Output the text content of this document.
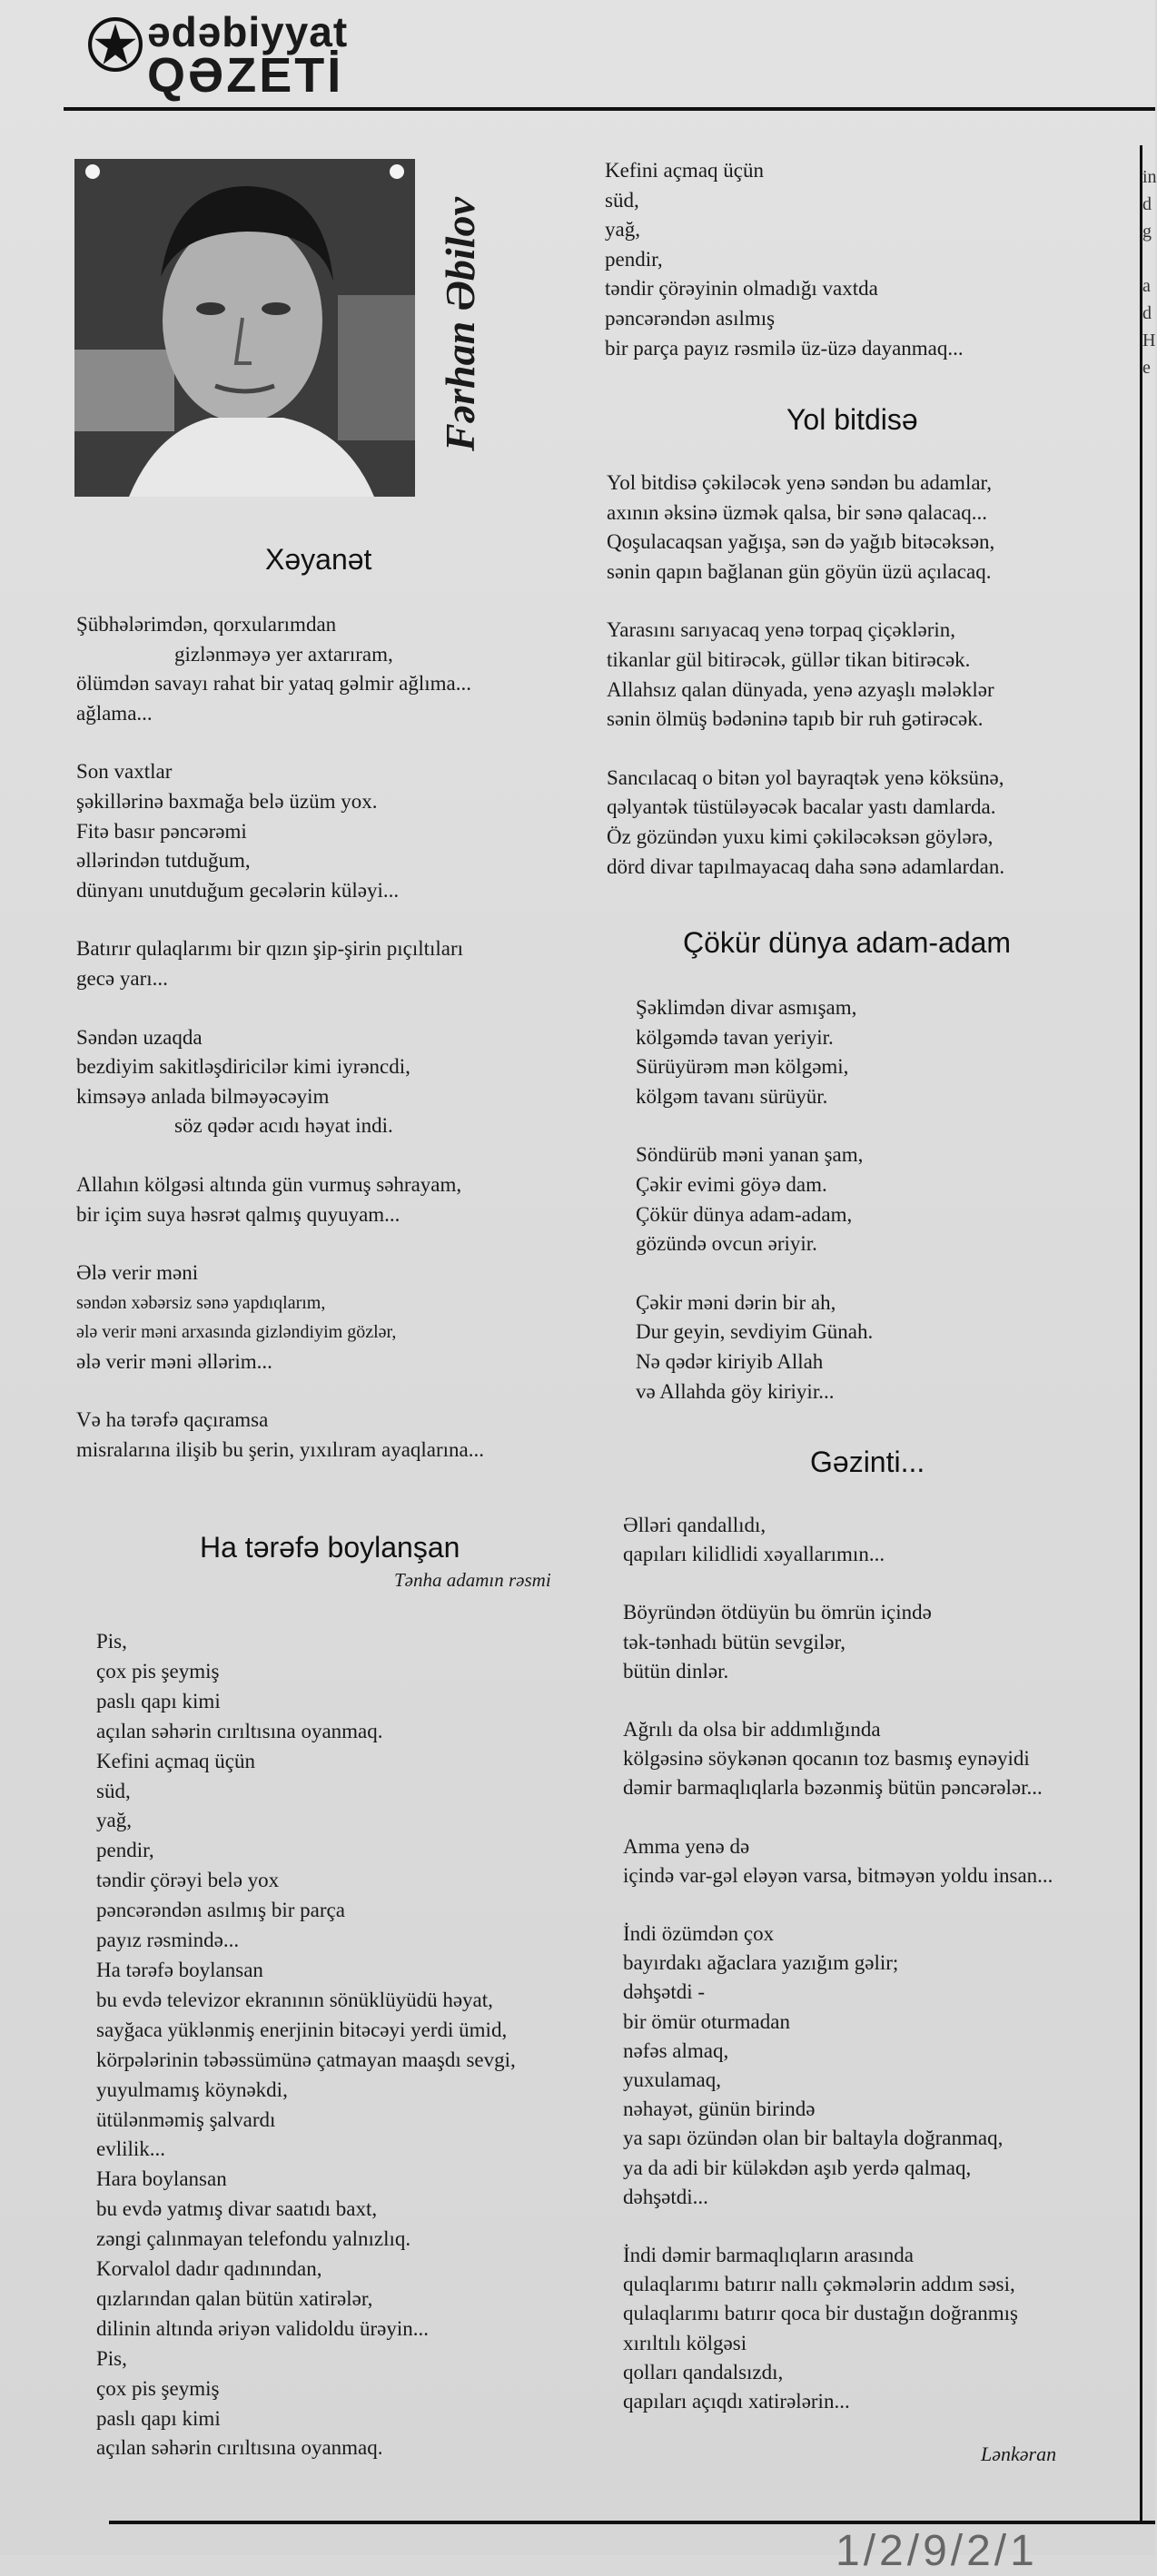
ədəbiyyat
QƏZETİ
in
d
g

a
d
H
e
Fərhan Əbilov
Xəyanət
Şübhələrimdən, qorxularımdan
gizlənməyə yer axtarıram,
ölümdən savayı rahat bir yataq gəlmir ağlıma...
ağlama...
Son vaxtlar
şəkillərinə baxmağa belə üzüm yox.
Fitə basır pəncərəmi
əllərindən tutduğum,
dünyanı unutduğum gecələrin küləyi...
Batırır qulaqlarımı bir qızın şip-şirin pıçıltıları
gecə yarı...
Səndən uzaqda
bezdiyim sakitləşdiricilər kimi iyrəncdi,
kimsəyə anlada bilməyəcəyim
söz qədər acıdı həyat indi.
Allahın kölgəsi altında gün vurmuş səhrayam,
bir içim suya həsrət qalmış quyuyam...
Ələ verir məni
səndən xəbərsiz sənə yapdıqlarım,
ələ verir məni arxasında gizləndiyim gözlər,
ələ verir məni əllərim...
Və ha tərəfə qaçıramsa
misralarına ilişib bu şerin, yıxılıram ayaqlarına...
Ha tərəfə boylanşan
Tənha adamın rəsmi
Pis,
çox pis şeymiş
paslı qapı kimi
açılan səhərin cırıltısına oyanmaq.
Kefini açmaq üçün
süd,
yağ,
pendir,
təndir çörəyi belə yox
pəncərəndən asılmış bir parça
payız rəsmində...
Ha tərəfə boylansan
bu evdə televizor ekranının sönüklüyüdü həyat,
sayğaca yüklənmiş enerjinin bitəcəyi yerdi ümid,
körpələrinin təbəssümünə çatmayan maaşdı sevgi,
yuyulmamış köynəkdi,
ütülənməmiş şalvardı
evlilik...
Hara boylansan
bu evdə yatmış divar saatıdı baxt,
zəngi çalınmayan telefondu yalnızlıq.
Korvalol dadır qadınından,
qızlarından qalan bütün xatirələr,
dilinin altında əriyən validoldu ürəyin...
Pis,
çox pis şeymiş
paslı qapı kimi
açılan səhərin cırıltısına oyanmaq.
Kefini açmaq üçün
süd,
yağ,
pendir,
təndir çörəyinin olmadığı vaxtda
pəncərəndən asılmış
bir parça payız rəsmilə üz-üzə dayanmaq...
Yol bitdisə
Yol bitdisə çəkiləcək yenə səndən bu adamlar,
axının əksinə üzmək qalsa, bir sənə qalacaq...
Qoşulacaqsan yağışa, sən də yağıb bitəcəksən,
sənin qapın bağlanan gün göyün üzü açılacaq.
Yarasını sarıyacaq yenə torpaq çiçəklərin,
tikanlar gül bitirəcək, güllər tikan bitirəcək.
Allahsız qalan dünyada, yenə azyaşlı mələklər
sənin ölmüş bədəninə tapıb bir ruh gətirəcək.
Sancılacaq o bitən yol bayraqtək yenə köksünə,
qəlyantək tüstüləyəcək bacalar yastı damlarda.
Öz gözündən yuxu kimi çəkiləcəksən göylərə,
dörd divar tapılmayacaq daha sənə adamlardan.
Çökür dünya adam-adam
Şəklimdən divar asmışam,
kölgəmdə tavan yeriyir.
Sürüyürəm mən kölgəmi,
kölgəm tavanı sürüyür.
Söndürüb məni yanan şam,
Çəkir evimi göyə dam.
Çökür dünya adam-adam,
gözündə ovcun əriyir.
Çəkir məni dərin bir ah,
Dur geyin, sevdiyim Günah.
Nə qədər kiriyib Allah
və Allahda göy kiriyir...
Gəzinti...
Əlləri qandallıdı,
qapıları kilidlidi xəyallarımın...
Böyründən ötdüyün bu ömrün içində
tək-tənhadı bütün sevgilər,
bütün dinlər.
Ağrılı da olsa bir addımlığında
kölgəsinə söykənən qocanın toz basmış eynəyidi
dəmir barmaqlıqlarla bəzənmiş bütün pəncərələr...
Amma yenə də
içində var-gəl eləyən varsa, bitməyən yoldu insan...
İndi özümdən çox
bayırdakı ağaclara yazığım gəlir;
dəhşətdi -
bir ömür oturmadan
nəfəs almaq,
yuxulamaq,
nəhayət, günün birində
ya sapı özündən olan bir baltayla doğranmaq,
ya da adi bir küləkdən aşıb yerdə qalmaq,
dəhşətdi...
İndi dəmir barmaqlıqların arasında
qulaqlarımı batırır nallı çəkmələrin addım səsi,
qulaqlarımı batırır qoca bir dustağın doğranmış
xırıltılı kölgəsi
qolları qandalsızdı,
qapıları açıqdı xatirələrin...
Lənkəran
1/2/9/2/1
